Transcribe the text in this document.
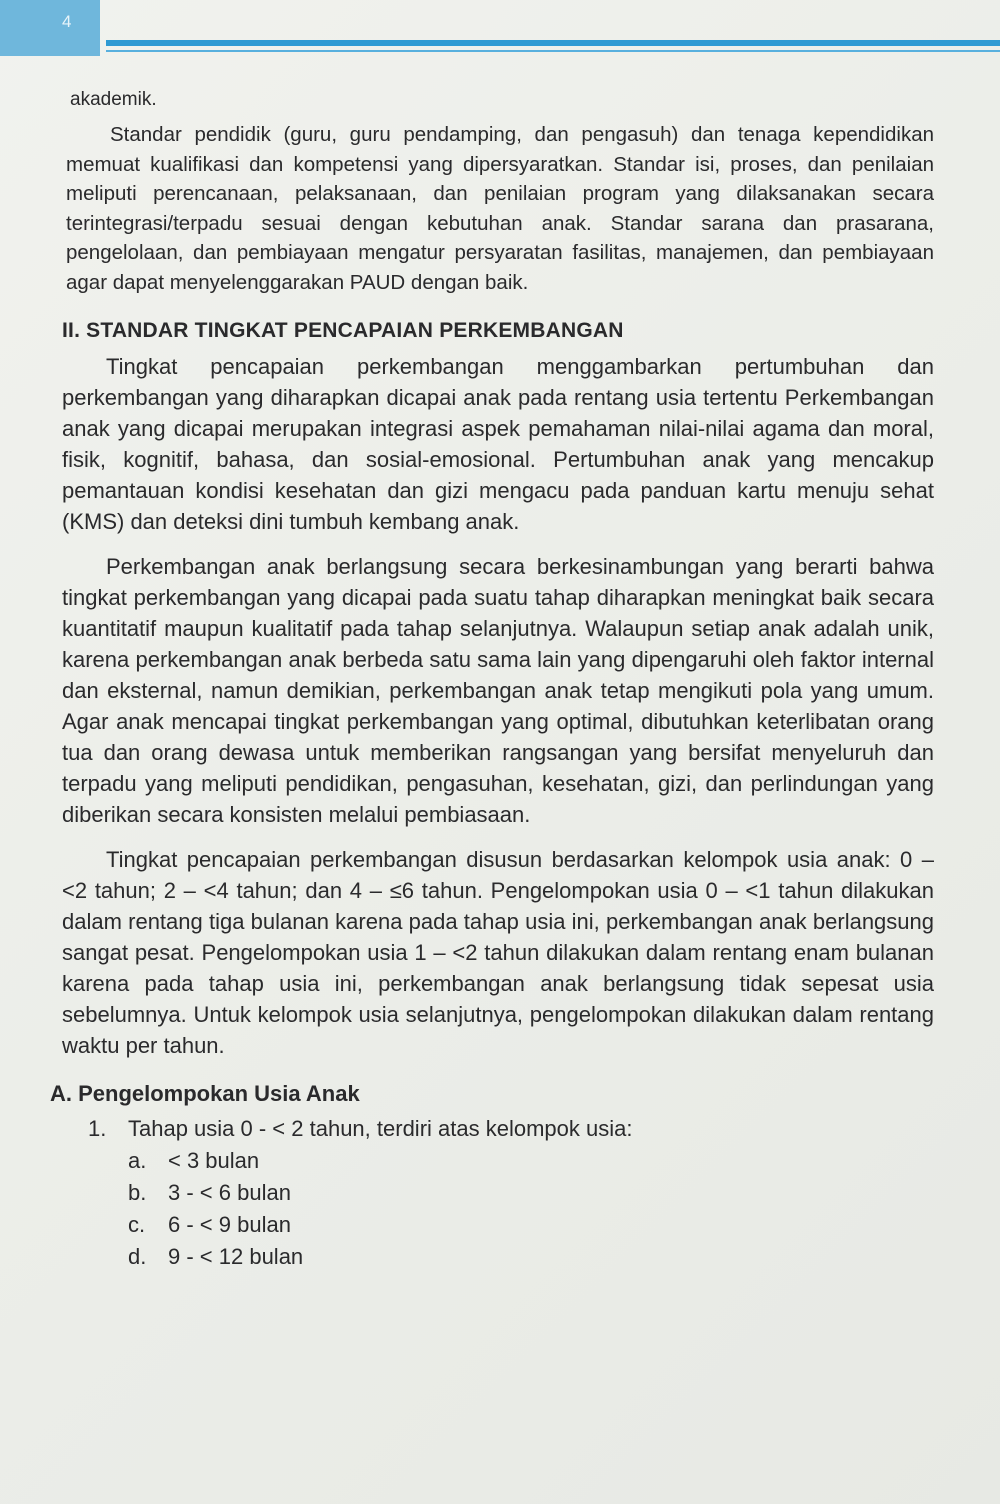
4

akademik.

Standar pendidik (guru, guru pendamping, dan pengasuh) dan tenaga kependidikan memuat kualifikasi dan kompetensi yang dipersyaratkan. Standar isi, proses, dan penilaian meliputi perencanaan, pelaksanaan, dan penilaian program yang dilaksanakan secara terintegrasi/terpadu sesuai dengan kebutuhan anak. Standar sarana dan prasarana, pengelolaan, dan pembiayaan mengatur persyaratan fasilitas, manajemen, dan pembiayaan agar dapat menyelenggarakan PAUD dengan baik.

II. STANDAR TINGKAT PENCAPAIAN PERKEMBANGAN

Tingkat pencapaian perkembangan menggambarkan pertumbuhan dan perkembangan yang diharapkan dicapai anak pada rentang usia tertentu Perkembangan anak yang dicapai merupakan integrasi aspek pemahaman nilai-nilai agama dan moral, fisik, kognitif, bahasa, dan sosial-emosional. Pertumbuhan anak yang mencakup pemantauan kondisi kesehatan dan gizi mengacu pada panduan kartu menuju sehat (KMS) dan deteksi dini tumbuh kembang anak.

Perkembangan anak berlangsung secara berkesinambungan yang berarti bahwa tingkat perkembangan yang dicapai pada suatu tahap diharapkan meningkat baik secara kuantitatif maupun kualitatif pada tahap selanjutnya. Walaupun setiap anak adalah unik, karena perkembangan anak berbeda satu sama lain yang dipengaruhi oleh faktor internal dan eksternal, namun demikian, perkembangan anak tetap mengikuti pola yang umum. Agar anak mencapai tingkat perkembangan yang optimal, dibutuhkan keterlibatan orang tua dan orang dewasa untuk memberikan rangsangan yang bersifat menyeluruh dan terpadu yang meliputi pendidikan, pengasuhan, kesehatan, gizi, dan perlindungan yang diberikan secara konsisten melalui pembiasaan.

Tingkat pencapaian perkembangan disusun berdasarkan kelompok usia anak: 0 – <2 tahun; 2 – <4 tahun; dan 4 – ≤6 tahun. Pengelompokan usia 0 – <1 tahun dilakukan dalam rentang tiga bulanan karena pada tahap usia ini, perkembangan anak berlangsung sangat pesat. Pengelompokan usia 1 – <2 tahun dilakukan dalam rentang enam bulanan karena pada tahap usia ini, perkembangan anak berlangsung tidak sepesat usia sebelumnya. Untuk kelompok usia selanjutnya, pengelompokan dilakukan dalam rentang waktu per tahun.

A. Pengelompokan Usia Anak
1. Tahap usia 0 - < 2 tahun, terdiri atas kelompok usia:
a. < 3 bulan
b. 3 - < 6 bulan
c. 6 - < 9 bulan
d. 9 - < 12 bulan
